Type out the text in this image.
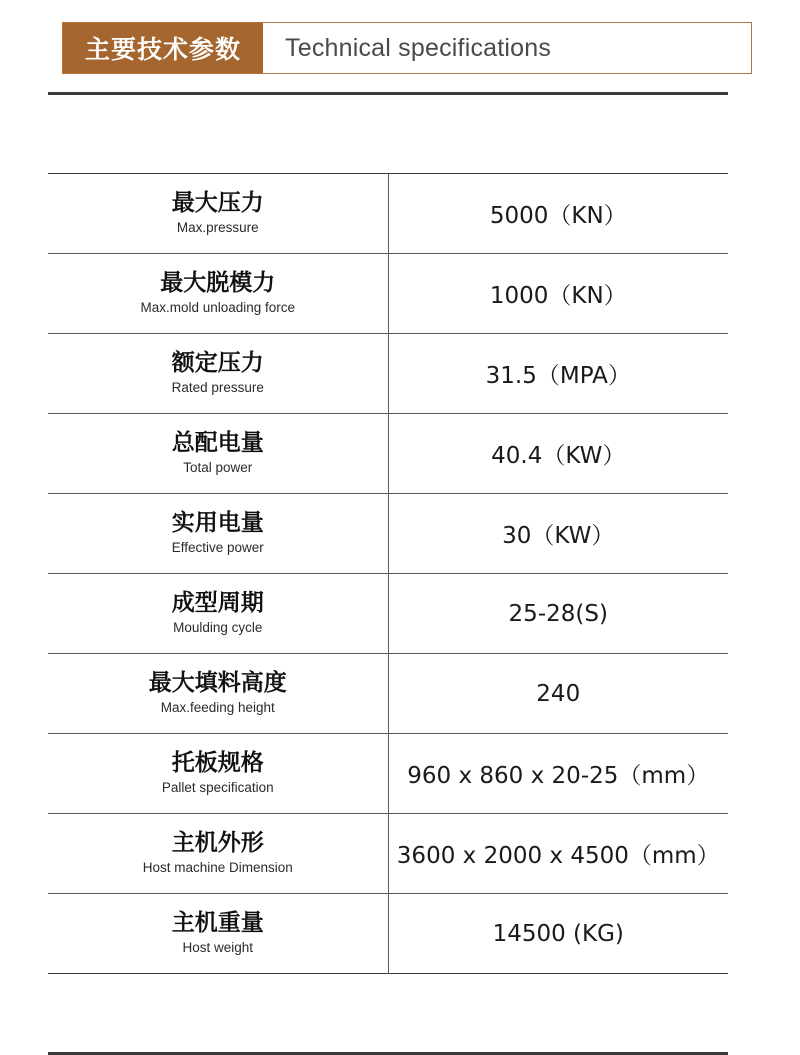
主要技术参数	Technical specifications

最大压力
Max.pressure	5000（KN）

最大脱模力
Max.mold unloading force	1000（KN）

额定压力
Rated pressure	31.5（MPA）

总配电量
Total power	40.4（KW）

实用电量
Effective power	30（KW）

成型周期
Moulding cycle	25-28(S)

最大填料高度
Max.feeding height	240

托板规格
Pallet specification	960 x 860 x 20-25（mm）

主机外形
Host machine Dimension	3600 x 2000 x 4500（mm）

主机重量
Host weight	14500 (KG)
